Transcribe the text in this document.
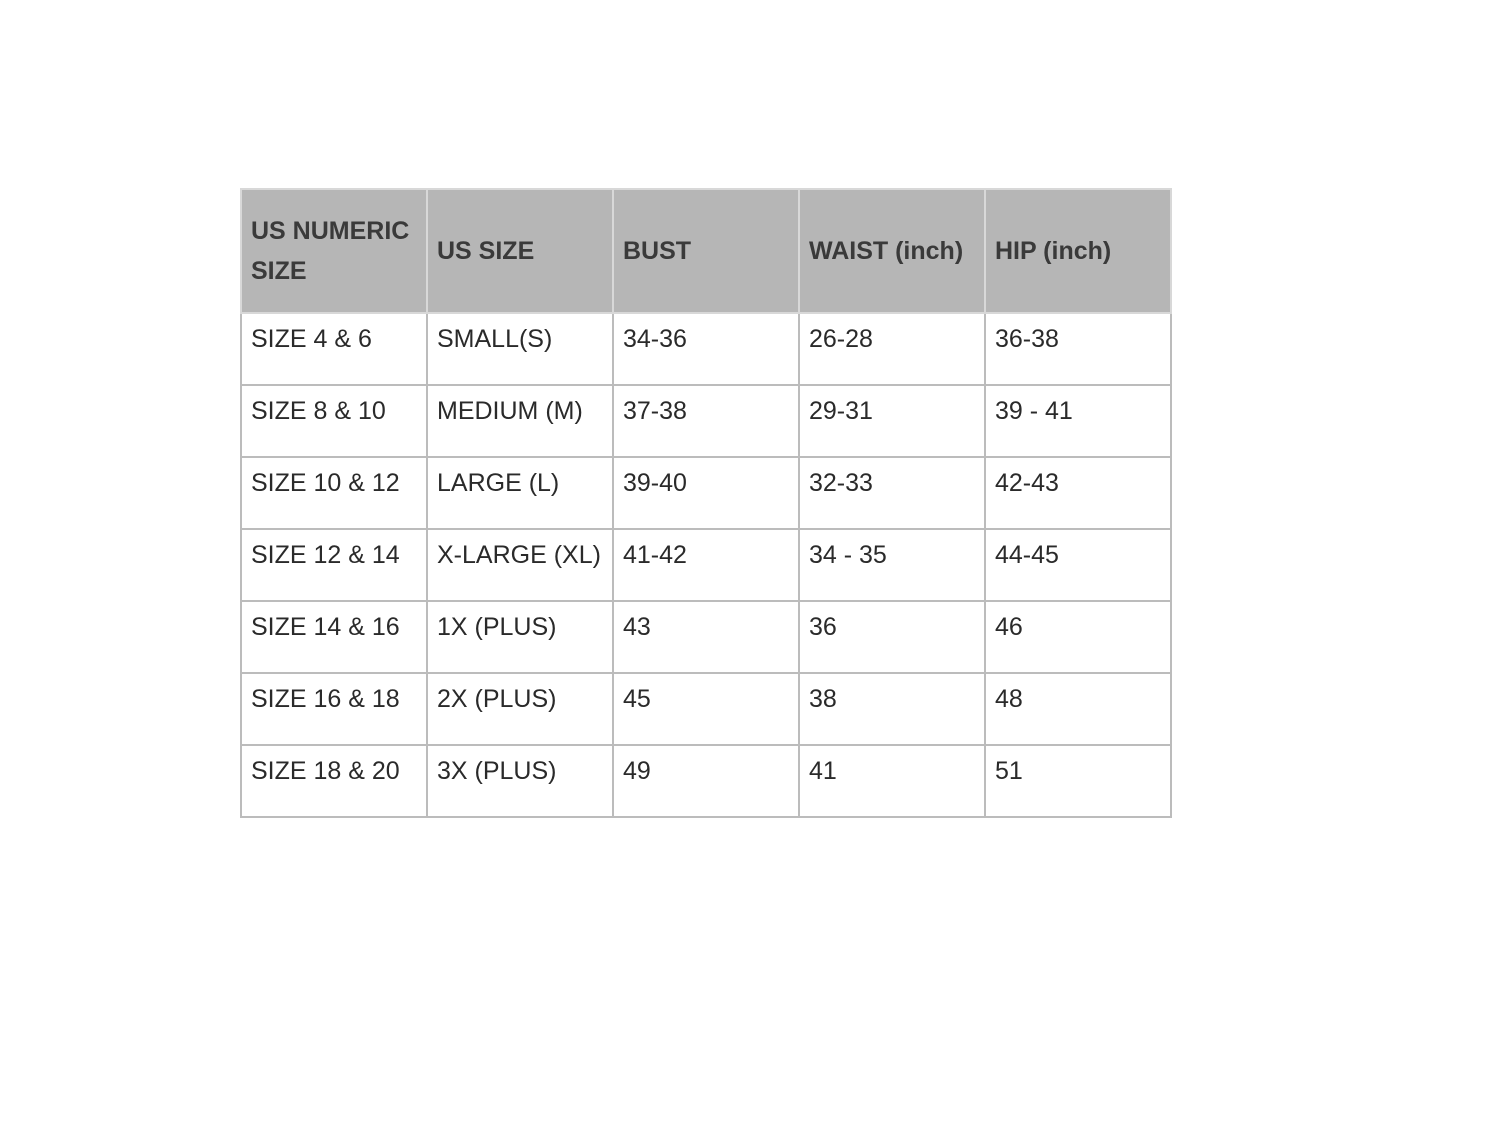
US NUMERIC SIZE	US SIZE	BUST	WAIST (inch)	HIP (inch)
SIZE 4 & 6	SMALL(S)	34-36	26-28	36-38
SIZE 8 & 10	MEDIUM (M)	37-38	29-31	39 - 41
SIZE 10 & 12	LARGE (L)	39-40	32-33	42-43
SIZE 12 & 14	X-LARGE (XL)	41-42	34 - 35	44-45
SIZE 14 & 16	1X (PLUS)	43	36	46
SIZE 16 & 18	2X (PLUS)	45	38	48
SIZE 18 & 20	3X (PLUS)	49	41	51
